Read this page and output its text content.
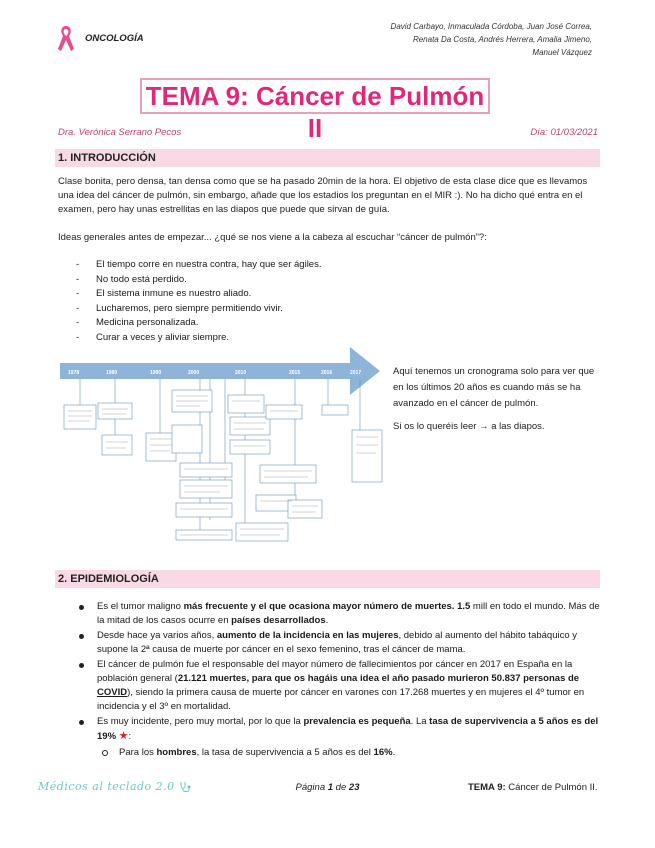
ONCOLOGÍA
David Carbayo, Inmaculada Córdoba, Juan José Correa,
Renata Da Costa, Andrés Herrera, Amalia Jimeno,
Manuel Vázquez
TEMA 9: Cáncer de Pulmón II
Dra. Verónica Serrano Pecos	Día: 01/03/2021
1. INTRODUCCIÓN
Clase bonita, pero densa, tan densa como que se ha pasado 20min de la hora. El objetivo de esta clase dice que es llevamos una idea del cáncer de pulmón, sin embargo, añade que los estadios los preguntan en el MIR :). No ha dicho qué entra en el examen, pero hay unas estrellitas en las diapos que puede que sirvan de guía.
Ideas generales antes de empezar... ¿qué se nos viene a la cabeza al escuchar “cáncer de pulmón”?:
- El tiempo corre en nuestra contra, hay que ser ágiles.
- No todo está perdido.
- El sistema inmune es nuestro aliado.
- Lucharemos, pero siempre permitiendo vivir.
- Medicina personalizada.
- Curar a veces y aliviar siempre.
1978	1980	1990	2000	2010	2015	2016	2017	Aquí tenemos un cronograma solo para ver que en los últimos 20 años es cuando más se ha avanzado en el cáncer de pulmón.
Si os lo queréis leer → a las diapos.
2. EPIDEMIOLOGÍA
Es el tumor maligno más frecuente y el que ocasiona mayor número de muertes. 1.5 mill en todo el mundo. Más de la mitad de los casos ocurre en países desarrollados.
Desde hace ya varios años, aumento de la incidencia en las mujeres, debido al aumento del hábito tabáquico y supone la 2ª causa de muerte por cáncer en el sexo femenino, tras el cáncer de mama.
El cáncer de pulmón fue el responsable del mayor número de fallecimientos por cáncer en 2017 en España en la población general (21.121 muertes, para que os hagáis una idea el año pasado murieron 50.837 personas de COVID), siendo la primera causa de muerte por cáncer en varones con 17.268 muertes y en mujeres el 4º tumor en incidencia y el 3º en mortalidad.
Es muy incidente, pero muy mortal, por lo que la prevalencia es pequeña. La tasa de supervivencia a 5 años es del 19% ★:
Para los hombres, la tasa de supervivencia a 5 años es del 16%.
Médicos al teclado 2.0	Página 1 de 23	TEMA 9: Cáncer de Pulmón II.
